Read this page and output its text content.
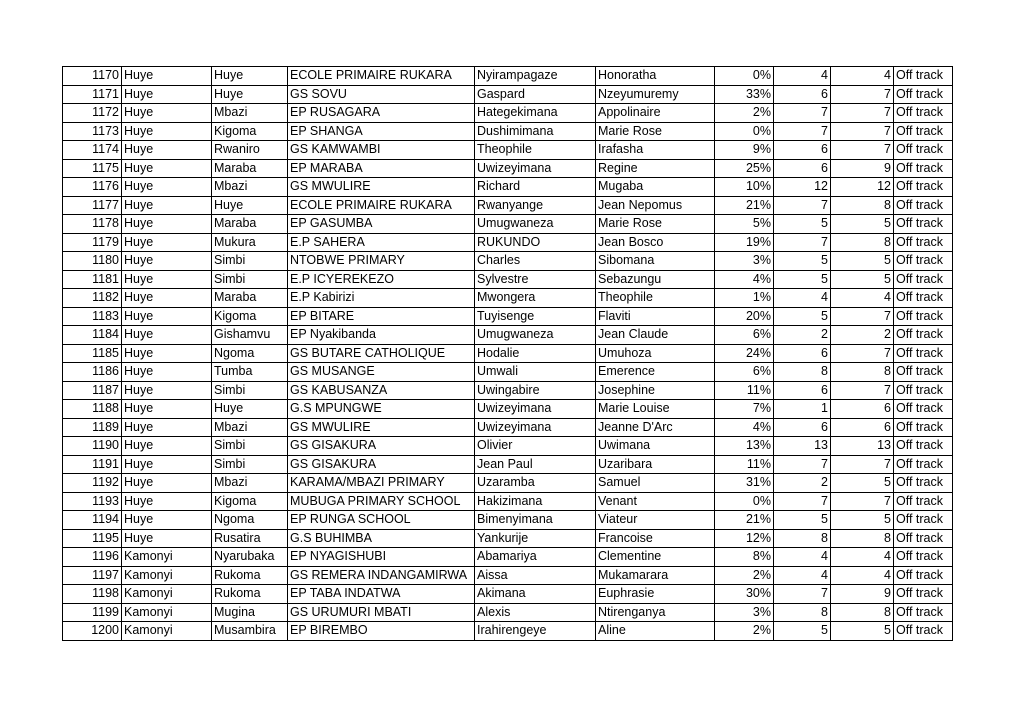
1170	Huye	Huye	ECOLE PRIMAIRE RUKARA	Nyirampagaze	Honoratha	0%	4	4	Off track
1171	Huye	Huye	GS SOVU	Gaspard	Nzeyumuremy	33%	6	7	Off track
1172	Huye	Mbazi	EP RUSAGARA	Hategekimana	Appolinaire	2%	7	7	Off track
1173	Huye	Kigoma	EP SHANGA	Dushimimana	Marie Rose	0%	7	7	Off track
1174	Huye	Rwaniro	GS KAMWAMBI	Theophile	Irafasha	9%	6	7	Off track
1175	Huye	Maraba	EP MARABA	Uwizeyimana	Regine	25%	6	9	Off track
1176	Huye	Mbazi	GS MWULIRE	Richard	Mugaba	10%	12	12	Off track
1177	Huye	Huye	ECOLE PRIMAIRE RUKARA	Rwanyange	Jean Nepomus	21%	7	8	Off track
1178	Huye	Maraba	EP GASUMBA	Umugwaneza	Marie Rose	5%	5	5	Off track
1179	Huye	Mukura	E.P SAHERA	RUKUNDO	Jean Bosco	19%	7	8	Off track
1180	Huye	Simbi	NTOBWE PRIMARY	Charles	Sibomana	3%	5	5	Off track
1181	Huye	Simbi	E.P ICYEREKEZO	Sylvestre	Sebazungu	4%	5	5	Off track
1182	Huye	Maraba	E.P Kabirizi	Mwongera	Theophile	1%	4	4	Off track
1183	Huye	Kigoma	EP BITARE	Tuyisenge	Flaviti	20%	5	7	Off track
1184	Huye	Gishamvu	EP Nyakibanda	Umugwaneza	Jean Claude	6%	2	2	Off track
1185	Huye	Ngoma	GS BUTARE CATHOLIQUE	Hodalie	Umuhoza	24%	6	7	Off track
1186	Huye	Tumba	GS MUSANGE	Umwali	Emerence	6%	8	8	Off track
1187	Huye	Simbi	GS KABUSANZA	Uwingabire	Josephine	11%	6	7	Off track
1188	Huye	Huye	G.S MPUNGWE	Uwizeyimana	Marie Louise	7%	1	6	Off track
1189	Huye	Mbazi	GS MWULIRE	Uwizeyimana	Jeanne D'Arc	4%	6	6	Off track
1190	Huye	Simbi	GS GISAKURA	Olivier	Uwimana	13%	13	13	Off track
1191	Huye	Simbi	GS GISAKURA	Jean Paul	Uzaribara	11%	7	7	Off track
1192	Huye	Mbazi	KARAMA/MBAZI PRIMARY	Uzaramba	Samuel	31%	2	5	Off track
1193	Huye	Kigoma	MUBUGA PRIMARY SCHOOL	Hakizimana	Venant	0%	7	7	Off track
1194	Huye	Ngoma	EP RUNGA SCHOOL	Bimenyimana	Viateur	21%	5	5	Off track
1195	Huye	Rusatira	G.S BUHIMBA	Yankurije	Francoise	12%	8	8	Off track
1196	Kamonyi	Nyarubaka	EP NYAGISHUBI	Abamariya	Clementine	8%	4	4	Off track
1197	Kamonyi	Rukoma	GS REMERA INDANGAMIRWA	Aissa	Mukamarara	2%	4	4	Off track
1198	Kamonyi	Rukoma	EP TABA INDATWA	Akimana	Euphrasie	30%	7	9	Off track
1199	Kamonyi	Mugina	GS URUMURI MBATI	Alexis	Ntirenganya	3%	8	8	Off track
1200	Kamonyi	Musambira	EP BIREMBO	Irahirengeye	Aline	2%	5	5	Off track
